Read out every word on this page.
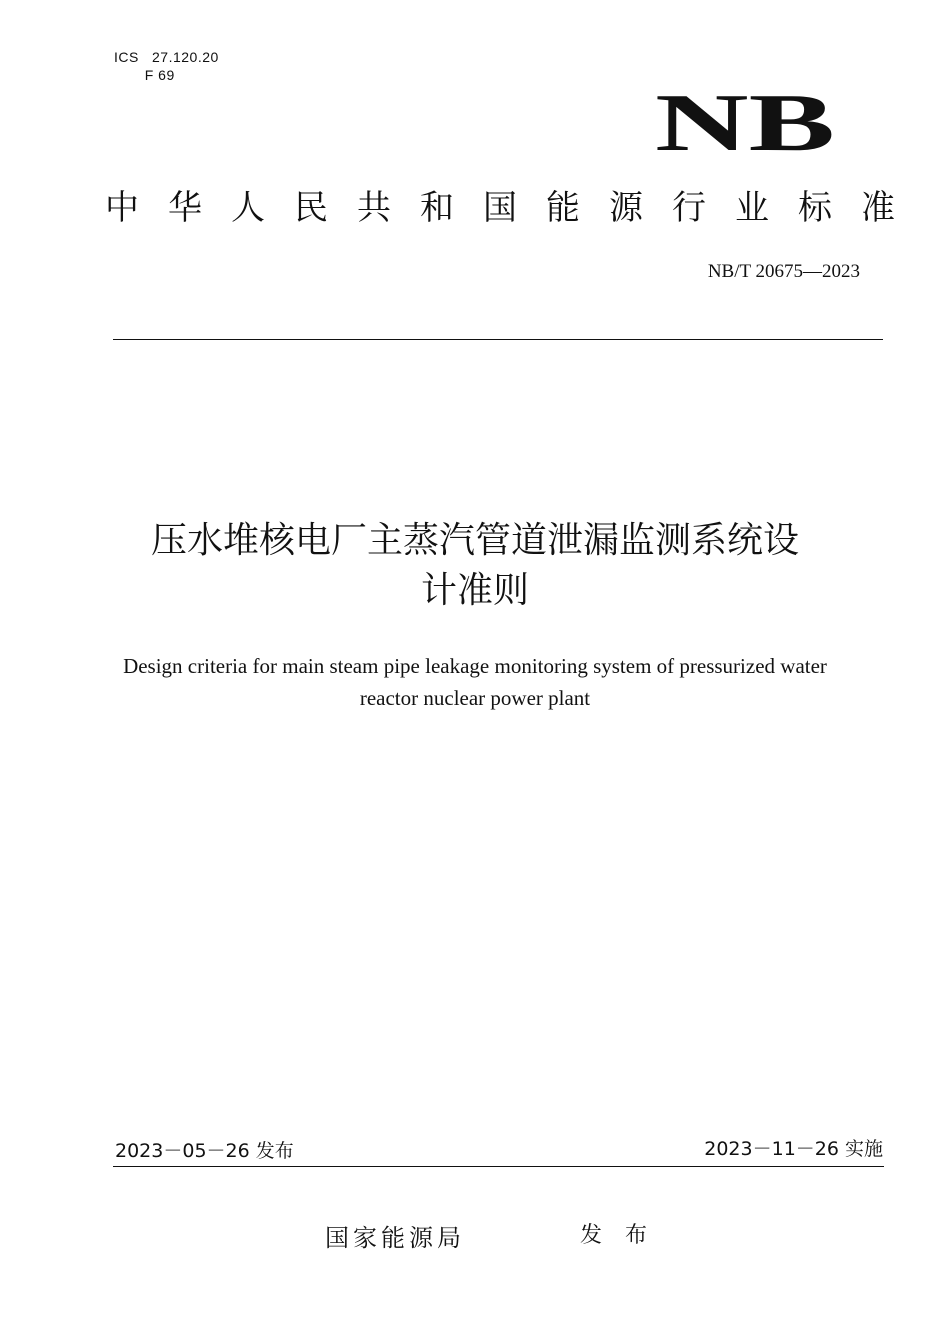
ICS 27.120.20
F 69
NB
中 华 人 民 共 和 国 能 源 行 业 标 准
NB/T 20675—2023
压水堆核电厂主蒸汽管道泄漏监测系统设
计准则
Design criteria for main steam pipe leakage monitoring system of pressurized water
reactor nuclear power plant
2023－05－26 发布	2023－11－26 实施
国家能源局	发 布
